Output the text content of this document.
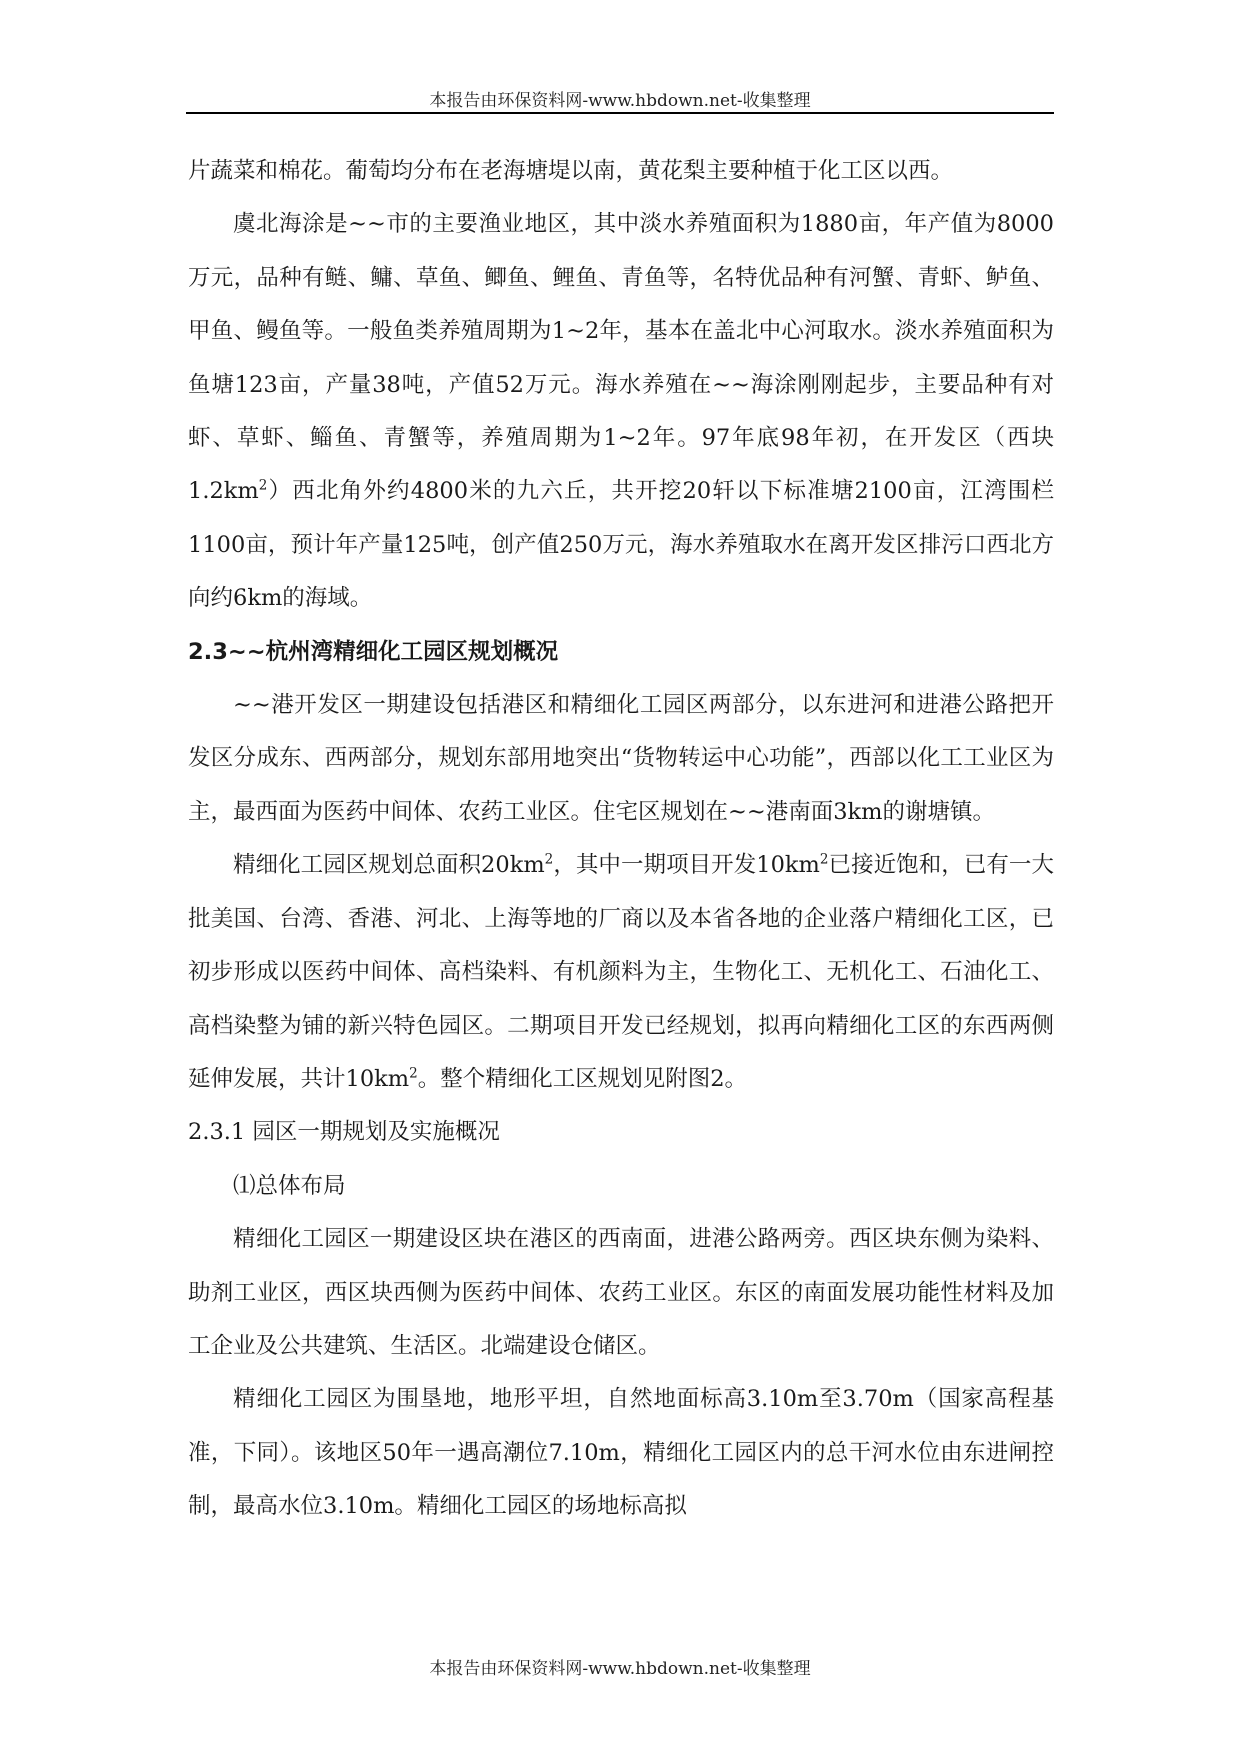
本报告由环保资料网-www.hbdown.net-收集整理

片蔬菜和棉花。葡萄均分布在老海塘堤以南，黄花梨主要种植于化工区以西。

虞北海涂是~~市的主要渔业地区，其中淡水养殖面积为1880亩，年产值为8000万元，品种有鲢、鳙、草鱼、鲫鱼、鲤鱼、青鱼等，名特优品种有河蟹、青虾、鲈鱼、甲鱼、鳗鱼等。一般鱼类养殖周期为1~2年，基本在盖北中心河取水。淡水养殖面积为鱼塘123亩，产量38吨，产值52万元。海水养殖在~~海涂刚刚起步，主要品种有对虾、草虾、鲻鱼、青蟹等，养殖周期为1~2年。97年底98年初，在开发区（西块$1.2km^2$）西北角外约4800米的九六丘，共开挖20轩以下标准塘2100亩，江湾围栏1100亩，预计年产量125吨，创产值250万元，海水养殖取水在离开发区排污口西北方向约6km的海域。

2.3~~杭州湾精细化工园区规划概况

~~港开发区一期建设包括港区和精细化工园区两部分，以东进河和进港公路把开发区分成东、西两部分，规划东部用地突出“货物转运中心功能”，西部以化工工业区为主，最西面为医药中间体、农药工业区。住宅区规划在~~港南面3km的谢塘镇。

精细化工园区规划总面积$20km^2$，其中一期项目开发$10km^2$已接近饱和，已有一大批美国、台湾、香港、河北、上海等地的厂商以及本省各地的企业落户精细化工区，已初步形成以医药中间体、高档染料、有机颜料为主，生物化工、无机化工、石油化工、高档染整为铺的新兴特色园区。二期项目开发已经规划，拟再向精细化工区的东西两侧延伸发展，共计$10km^2$。整个精细化工区规划见附图2。

2.3.1 园区一期规划及实施概况

⑴总体布局

精细化工园区一期建设区块在港区的西南面，进港公路两旁。西区块东侧为染料、助剂工业区，西区块西侧为医药中间体、农药工业区。东区的南面发展功能性材料及加工企业及公共建筑、生活区。北端建设仓储区。

精细化工园区为围垦地，地形平坦，自然地面标高3.10m至3.70m（国家高程基准，下同）。该地区50年一遇高潮位7.10m，精细化工园区内的总干河水位由东进闸控制，最高水位3.10m。精细化工园区的场地标高拟

本报告由环保资料网-www.hbdown.net-收集整理
